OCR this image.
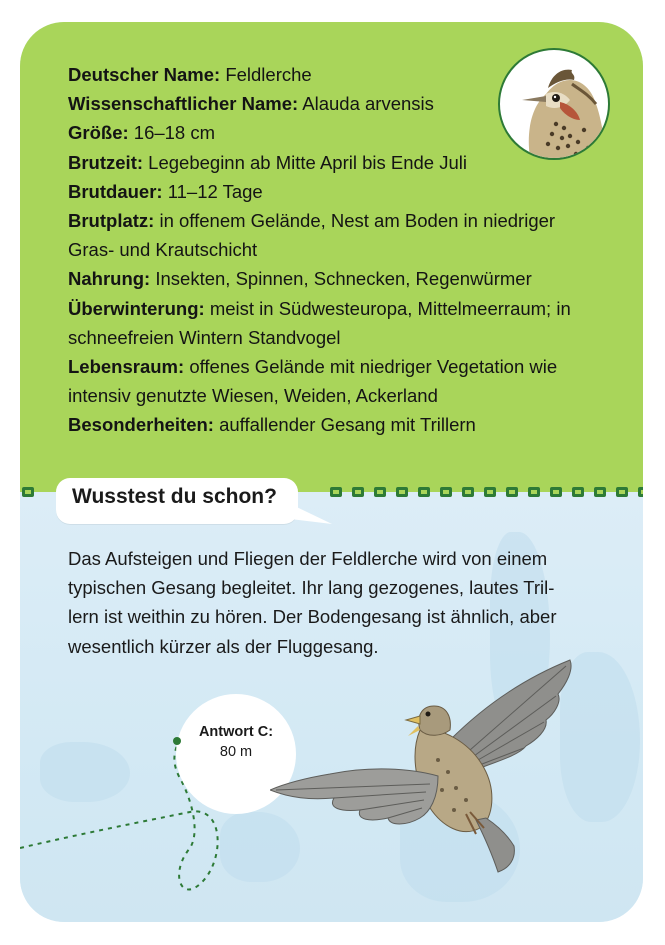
Deutscher Name: Feldlerche
Wissenschaftlicher Name: Alauda arvensis
Größe: 16–18 cm
Brutzeit: Legebeginn ab Mitte April bis Ende Juli
Brutdauer: 11–12 Tage
Brutplatz: in offenem Gelände, Nest am Boden in niedriger Gras- und Krautschicht
Nahrung: Insekten, Spinnen, Schnecken, Regenwürmer
Überwinterung: meist in Südwesteuropa, Mittelmeerraum; in schneefreien Wintern Standvogel
Lebensraum: offenes Gelände mit niedriger Vegetation wie intensiv genutzte Wiesen, Weiden, Ackerland
Besonderheiten: auffallender Gesang mit Trillern
Wusstest du schon?
Das Aufsteigen und Fliegen der Feldlerche wird von einem
typischen Gesang begleitet. Ihr lang gezogenes, lautes Tril-
lern ist weithin zu hören. Der Bodengesang ist ähnlich, aber
wesentlich kürzer als der Fluggesang.
Antwort C:
80 m
